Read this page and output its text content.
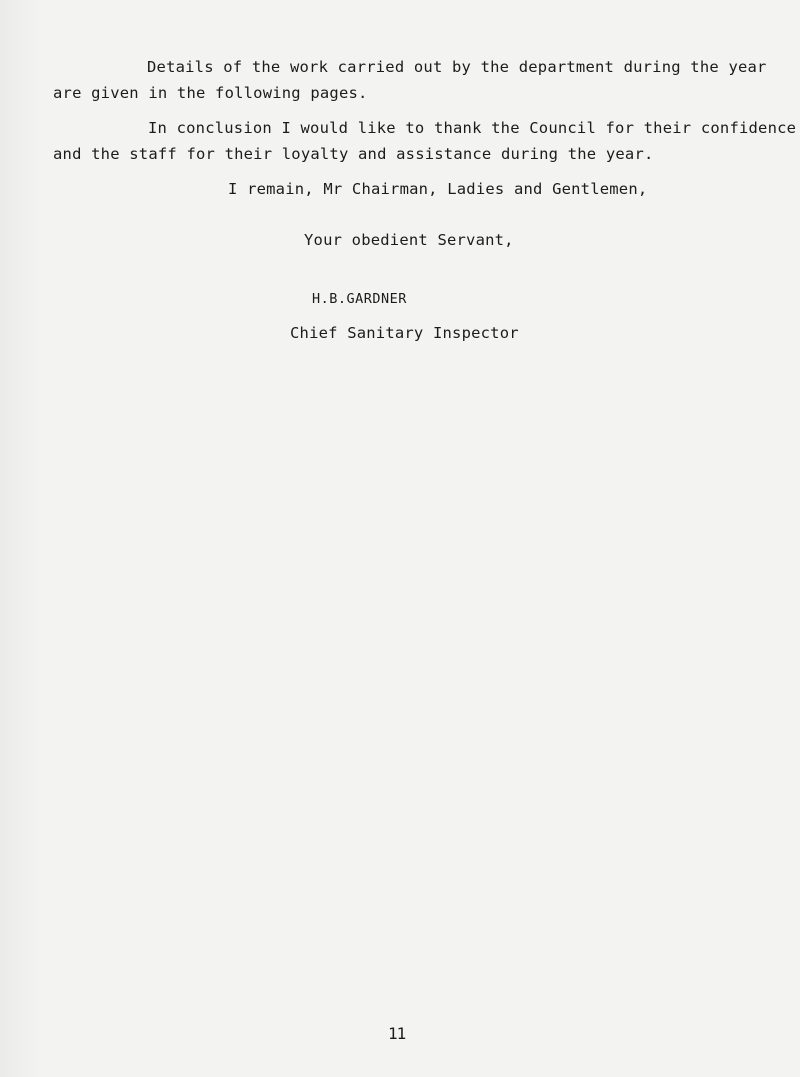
Details of the work carried out by the department during the year
are given in the following pages.
In conclusion I would like to thank the Council for their confidence
and the staff for their loyalty and assistance during the year.
I remain, Mr Chairman, Ladies and Gentlemen,
Your obedient Servant,
H.B.GARDNER
Chief Sanitary Inspector
11
